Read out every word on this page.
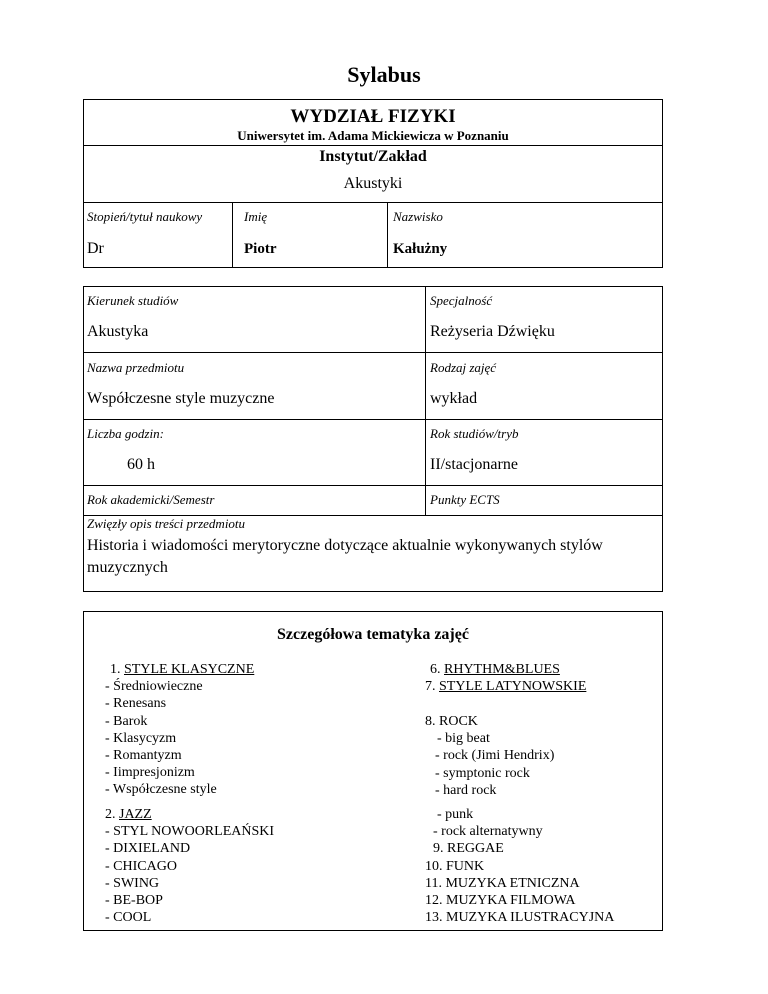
Sylabus
WYDZIAŁ FIZYKI
Uniwersytet im. Adama Mickiewicza w Poznaniu
Instytut/Zakład
Akustyki
Stopień/tytuł naukowy	Imię	Nazwisko
Dr	Piotr	Kałużny
Kierunek studiów	Specjalność
Akustyka	Reżyseria Dźwięku
Nazwa przedmiotu	Rodzaj zajęć
Współczesne style muzyczne	wykład
Liczba godzin:	Rok studiów/tryb
60 h	II/stacjonarne
Rok akademicki/Semestr	Punkty ECTS
Zwięzły opis treści przedmiotu
Historia i wiadomości merytoryczne dotyczące aktualnie wykonywanych stylów
muzycznych
Szczegółowa tematyka zajęć
1. STYLE KLASYCZNE
- Średniowieczne
- Renesans
- Barok
- Klasycyzm
- Romantyzm
- Iimpresjonizm
- Współczesne style
2. JAZZ
- STYL NOWOORLEAŃSKI
- DIXIELAND
- CHICAGO
- SWING
- BE-BOP
- COOL
6. RHYTHM&BLUES
7. STYLE LATYNOWSKIE
8. ROCK
- big beat
- rock (Jimi Hendrix)
- symptonic rock
- hard rock
- punk
- rock alternatywny
9. REGGAE
10. FUNK
11. MUZYKA ETNICZNA
12. MUZYKA FILMOWA
13. MUZYKA ILUSTRACYJNA
